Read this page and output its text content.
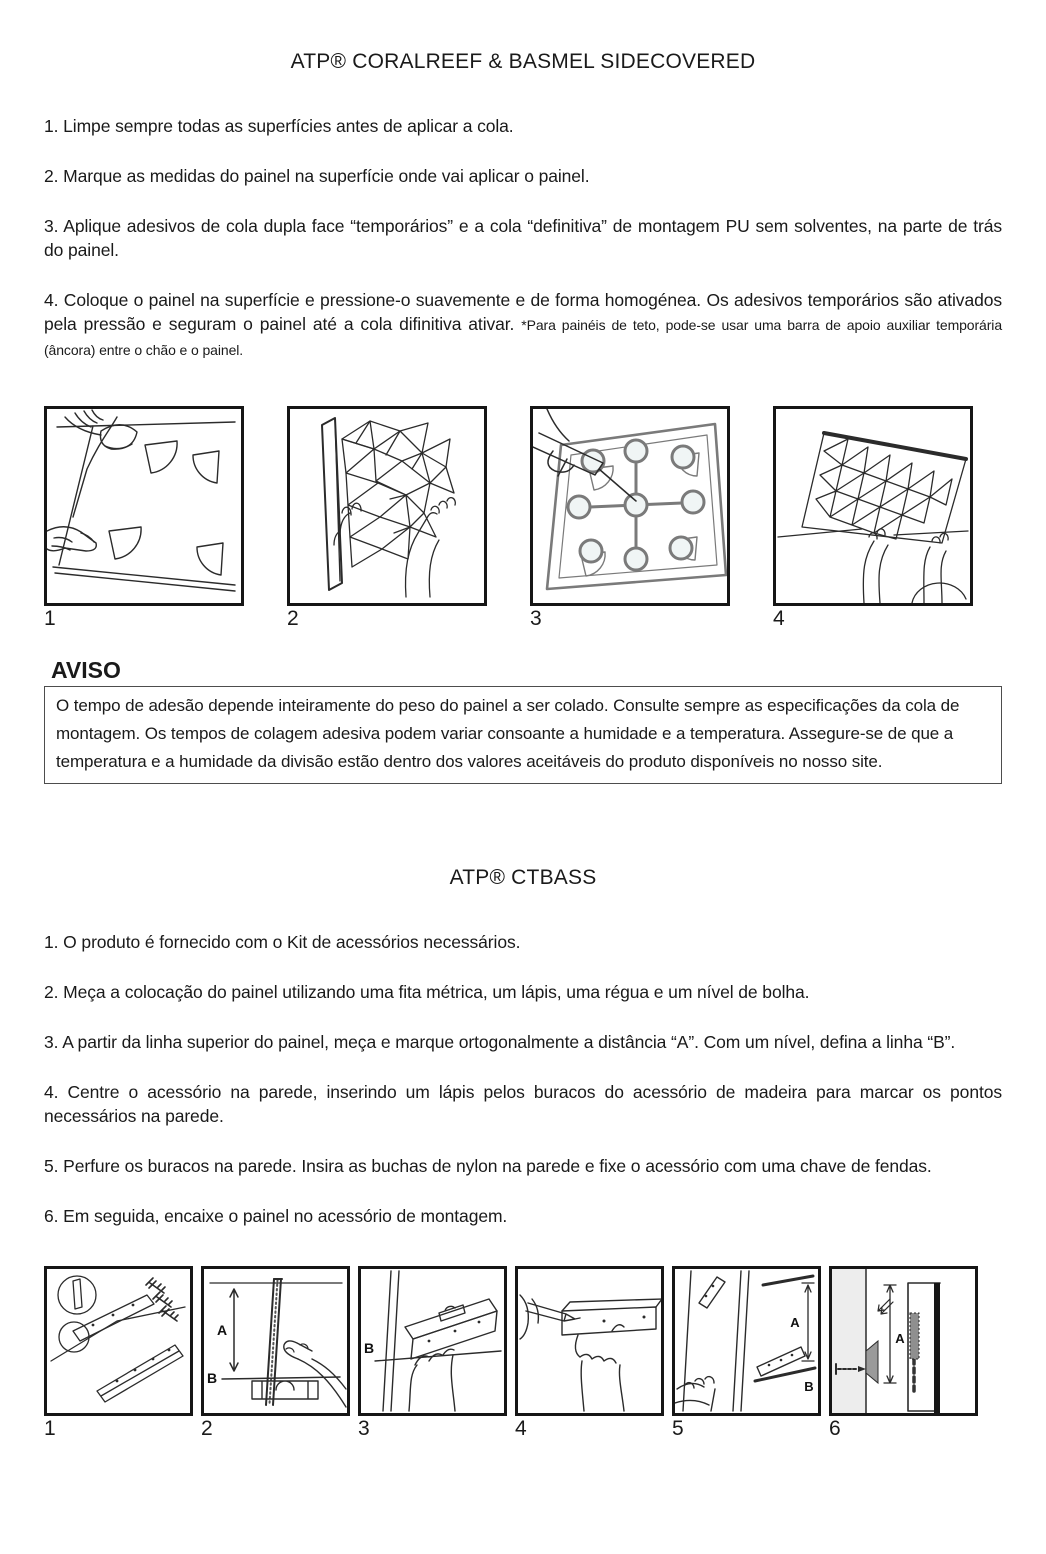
ATP® CORALREEF & BASMEL SIDECOVERED

1. Limpe sempre todas as superfícies antes de aplicar a cola.

2. Marque as medidas do painel na superfície onde vai aplicar o painel.

3. Aplique adesivos de cola dupla face “temporários” e a cola “definitiva” de montagem PU sem solventes, na parte de trás do painel.

4. Coloque o painel na superfície e pressione-o suavemente e de forma homogénea. Os adesivos temporários são ativados pela pressão e seguram o painel até a cola difinitiva ativar. *Para painéis de teto, pode-se usar uma barra de apoio auxiliar temporária (âncora) entre o chão e o painel.

1	2	3	4
AVISO
O tempo de adesão depende inteiramente do peso do painel a ser colado. Consulte sempre as especificações da cola de montagem. Os tempos de colagem adesiva podem variar consoante a humidade e a temperatura. Assegure-se de que a temperatura e a humidade da divisão estão dentro dos valores aceitáveis do produto disponíveis no nosso site.
ATP® CTBASS

1. O produto é fornecido com o Kit de acessórios necessários.

2. Meça a colocação do painel utilizando uma fita métrica, um lápis, uma régua e um nível de bolha.

3. A partir da linha superior do painel, meça e marque ortogonalmente a distância “A”. Com um nível, defina a linha “B”.

4. Centre o acessório na parede, inserindo um lápis pelos buracos do acessório de madeira para marcar os pontos necessários na parede.

5. Perfure os buracos na parede. Insira as buchas de nylon na parede e fixe o acessório com uma chave de fendas.

6. Em seguida, encaixe o painel no acessório de montagem.

1
A
B
2
B
3	4
A
B
5
A
6
